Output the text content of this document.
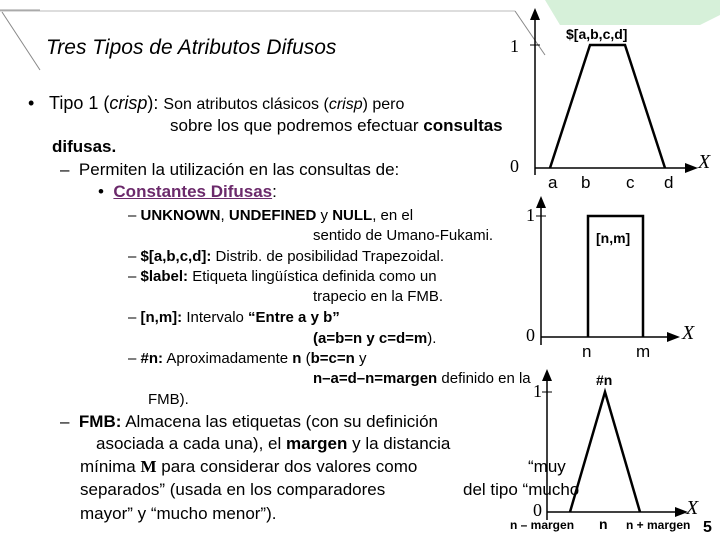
Tres Tipos de Atributos Difusos
• Tipo 1 (crisp): Son atributos clásicos (crisp) pero
sobre los que podremos efectuar consultas
difusas.
– Permiten la utilización en las consultas de:
• Constantes Difusas:
– UNKNOWN, UNDEFINED y NULL, en el
sentido de Umano-Fukami.
– $[a,b,c,d]: Distrib. de posibilidad Trapezoidal.
– $label: Etiqueta lingüística definida como un
trapecio en la FMB.
– [n,m]: Intervalo “Entre a y b”
(a=b=n y c=d=m).
– #n: Aproximadamente n (b=c=n y
n–a=d–n=margen definido en la
FMB).
– FMB: Almacena las etiquetas (con su definición
asociada a cada una), el margen y la distancia
mínima M para considerar dos valores como	“muy
separados” (usada en los comparadores	del tipo “mucho
mayor” y “mucho menor”).
$[a,b,c,d]
1
0
a b c d
X
[n,m]
1
0
n	m
X
#n
1
0
n – margen n n + margen
X
5
